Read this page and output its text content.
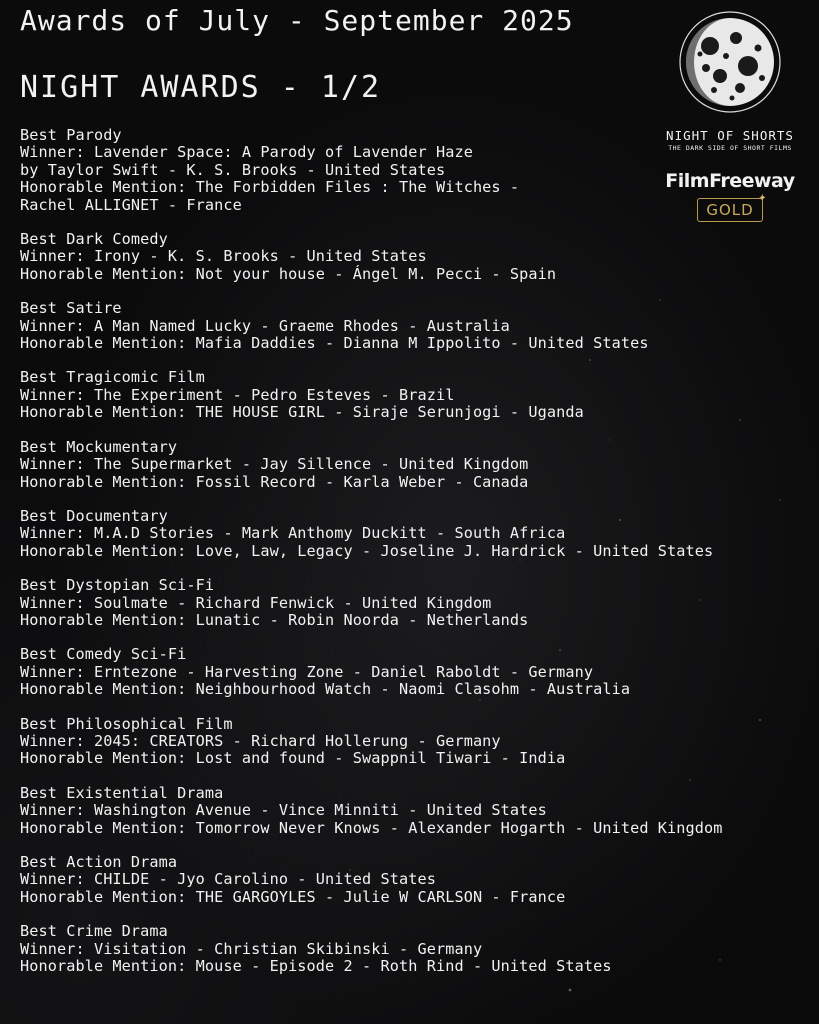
Awards of July - September 2025
NIGHT AWARDS - 1/2
NIGHT OF SHORTS
THE DARK SIDE OF SHORT FILMS
FilmFreeway
GOLD
✦
Best Parody
Winner: Lavender Space: A Parody of Lavender Haze
by Taylor Swift - K. S. Brooks - United States
Honorable Mention: The Forbidden Files : The Witches -
Rachel ALLIGNET - France
Best Dark Comedy
Winner: Irony - K. S. Brooks - United States
Honorable Mention: Not your house - Ángel M. Pecci - Spain
Best Satire
Winner: A Man Named Lucky - Graeme Rhodes - Australia
Honorable Mention: Mafia Daddies - Dianna M Ippolito - United States
Best Tragicomic Film
Winner: The Experiment - Pedro Esteves - Brazil
Honorable Mention: THE HOUSE GIRL - Siraje Serunjogi - Uganda
Best Mockumentary
Winner: The Supermarket - Jay Sillence - United Kingdom
Honorable Mention: Fossil Record - Karla Weber - Canada
Best Documentary
Winner: M.A.D Stories - Mark Anthomy Duckitt - South Africa
Honorable Mention: Love, Law, Legacy - Joseline J. Hardrick - United States
Best Dystopian Sci-Fi
Winner: Soulmate - Richard Fenwick - United Kingdom
Honorable Mention: Lunatic - Robin Noorda - Netherlands
Best Comedy Sci-Fi
Winner: Erntezone - Harvesting Zone - Daniel Raboldt - Germany
Honorable Mention: Neighbourhood Watch - Naomi Clasohm - Australia
Best Philosophical Film
Winner: 2045: CREATORS - Richard Hollerung - Germany
Honorable Mention: Lost and found - Swappnil Tiwari - India
Best Existential Drama
Winner: Washington Avenue - Vince Minniti - United States
Honorable Mention: Tomorrow Never Knows - Alexander Hogarth - United Kingdom
Best Action Drama
Winner: CHILDE - Jyo Carolino - United States
Honorable Mention: THE GARGOYLES - Julie W CARLSON - France
Best Crime Drama
Winner: Visitation - Christian Skibinski - Germany
Honorable Mention: Mouse - Episode 2 - Roth Rind - United States
